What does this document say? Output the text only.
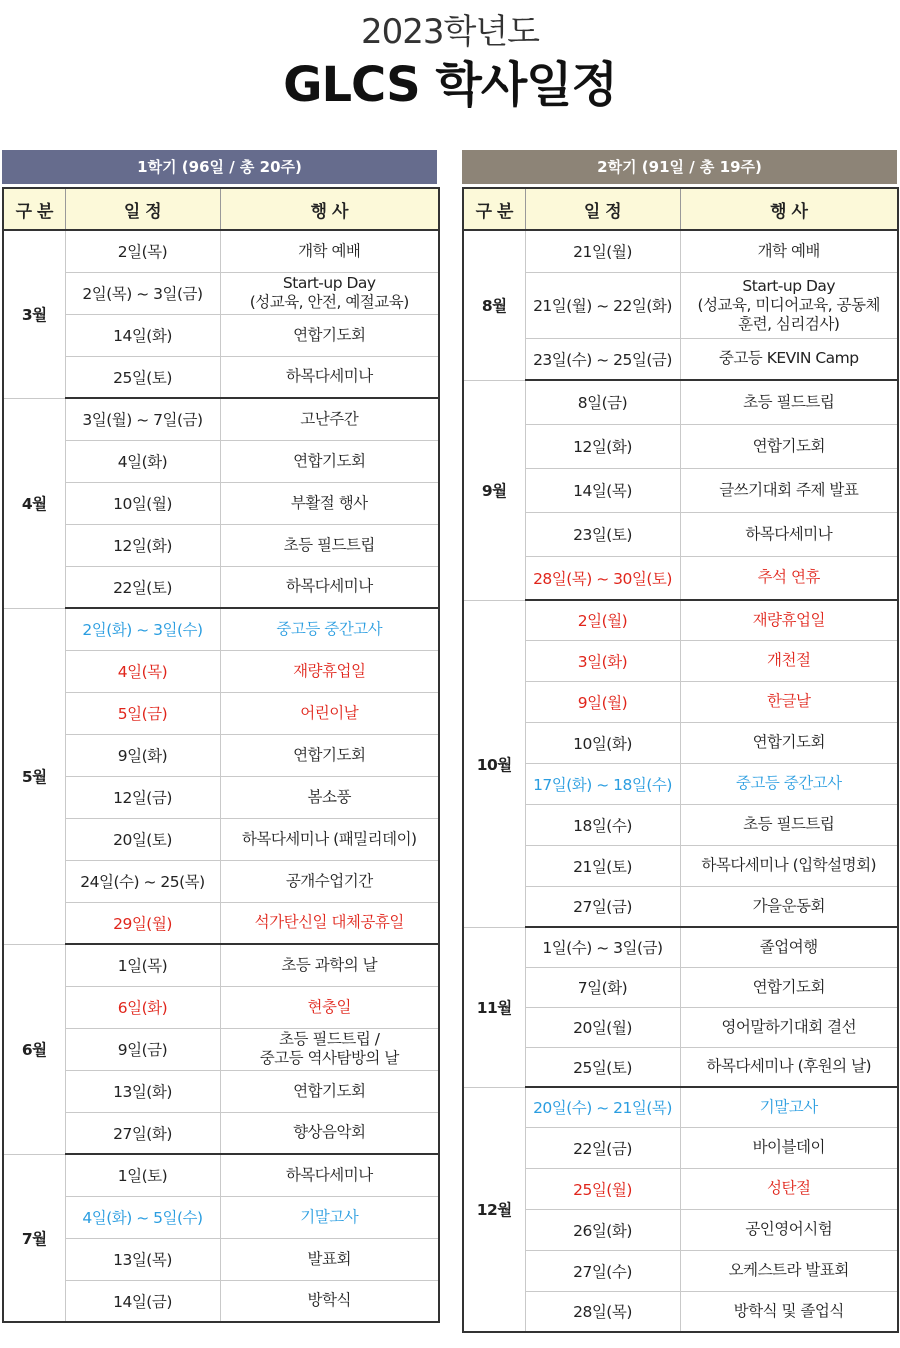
2023학년도
GLCS 학사일정
1학기 (96일 / 총 20주)	2학기 (91일 / 총 19주)
구 분	일 정	행 사
3월	2일(목)	개학 예배
	2일(목) ~ 3일(금)	Start-up Day
(성교육, 안전, 예절교육)
	14일(화)	연합기도회
	25일(토)	하목다세미나
4월	3일(월) ~ 7일(금)	고난주간
	4일(화)	연합기도회
	10일(월)	부활절 행사
	12일(화)	초등 필드트립
	22일(토)	하목다세미나
5월	2일(화) ~ 3일(수)	중고등 중간고사
	4일(목)	재량휴업일
	5일(금)	어린이날
	9일(화)	연합기도회
	12일(금)	봄소풍
	20일(토)	하목다세미나 (패밀리데이)
	24일(수) ~ 25(목)	공개수업기간
	29일(월)	석가탄신일 대체공휴일
6월	1일(목)	초등 과학의 날
	6일(화)	현충일
	9일(금)	초등 필드트립 /
중고등 역사탐방의 날
	13일(화)	연합기도회
	27일(화)	향상음악회
7월	1일(토)	하목다세미나
	4일(화) ~ 5일(수)	기말고사
	13일(목)	발표회
	14일(금)	방학식
구 분	일 정	행 사
8월	21일(월)	개학 예배
	21일(월) ~ 22일(화)	Start-up Day
(성교육, 미디어교육, 공동체
훈련, 심리검사)
	23일(수) ~ 25일(금)	중고등 KEVIN Camp
9월	8일(금)	초등 필드트립
	12일(화)	연합기도회
	14일(목)	글쓰기대회 주제 발표
	23일(토)	하목다세미나
	28일(목) ~ 30일(토)	추석 연휴
10월	2일(월)	재량휴업일
	3일(화)	개천절
	9일(월)	한글날
	10일(화)	연합기도회
	17일(화) ~ 18일(수)	중고등 중간고사
	18일(수)	초등 필드트립
	21일(토)	하목다세미나 (입학설명회)
	27일(금)	가을운동회
11월	1일(수) ~ 3일(금)	졸업여행
	7일(화)	연합기도회
	20일(월)	영어말하기대회 결선
	25일(토)	하목다세미나 (후원의 날)
12월	20일(수) ~ 21일(목)	기말고사
	22일(금)	바이블데이
	25일(월)	성탄절
	26일(화)	공인영어시험
	27일(수)	오케스트라 발표회
	28일(목)	방학식 및 졸업식
